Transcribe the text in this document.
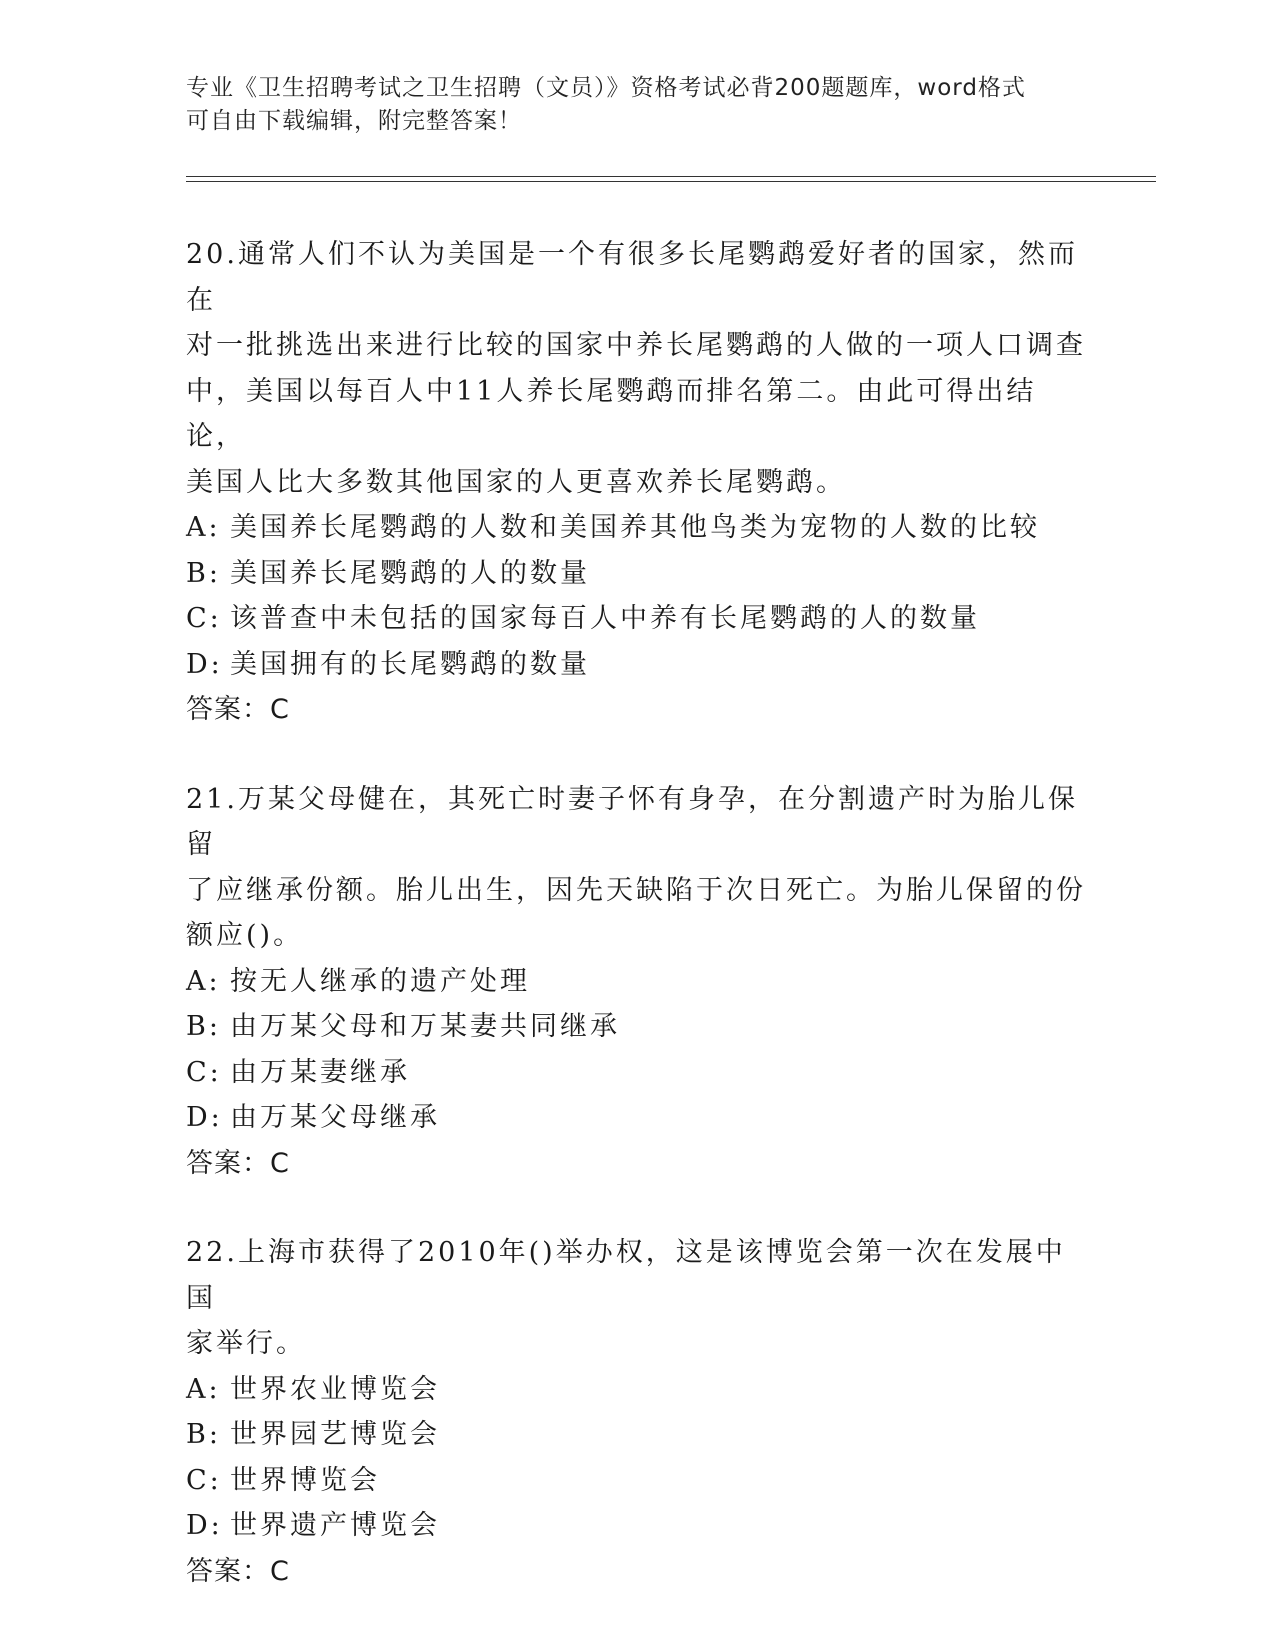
专业《卫生招聘考试之卫生招聘（文员）》资格考试必背200题题库，word格式
可自由下载编辑，附完整答案！

20.通常人们不认为美国是一个有很多长尾鹦鹉爱好者的国家，然而在

对一批挑选出来进行比较的国家中养长尾鹦鹉的人做的一项人口调查

中，美国以每百人中11人养长尾鹦鹉而排名第二。由此可得出结论，

美国人比大多数其他国家的人更喜欢养长尾鹦鹉。

A: 美国养长尾鹦鹉的人数和美国养其他鸟类为宠物的人数的比较

B: 美国养长尾鹦鹉的人的数量

C: 该普查中未包括的国家每百人中养有长尾鹦鹉的人的数量

D: 美国拥有的长尾鹦鹉的数量

答案：C

21.万某父母健在，其死亡时妻子怀有身孕，在分割遗产时为胎儿保留

了应继承份额。胎儿出生，因先天缺陷于次日死亡。为胎儿保留的份

额应()。

A: 按无人继承的遗产处理

B: 由万某父母和万某妻共同继承

C: 由万某妻继承

D: 由万某父母继承

答案：C

22.上海市获得了2010年()举办权，这是该博览会第一次在发展中国

家举行。

A: 世界农业博览会

B: 世界园艺博览会

C: 世界博览会

D: 世界遗产博览会

答案：C
